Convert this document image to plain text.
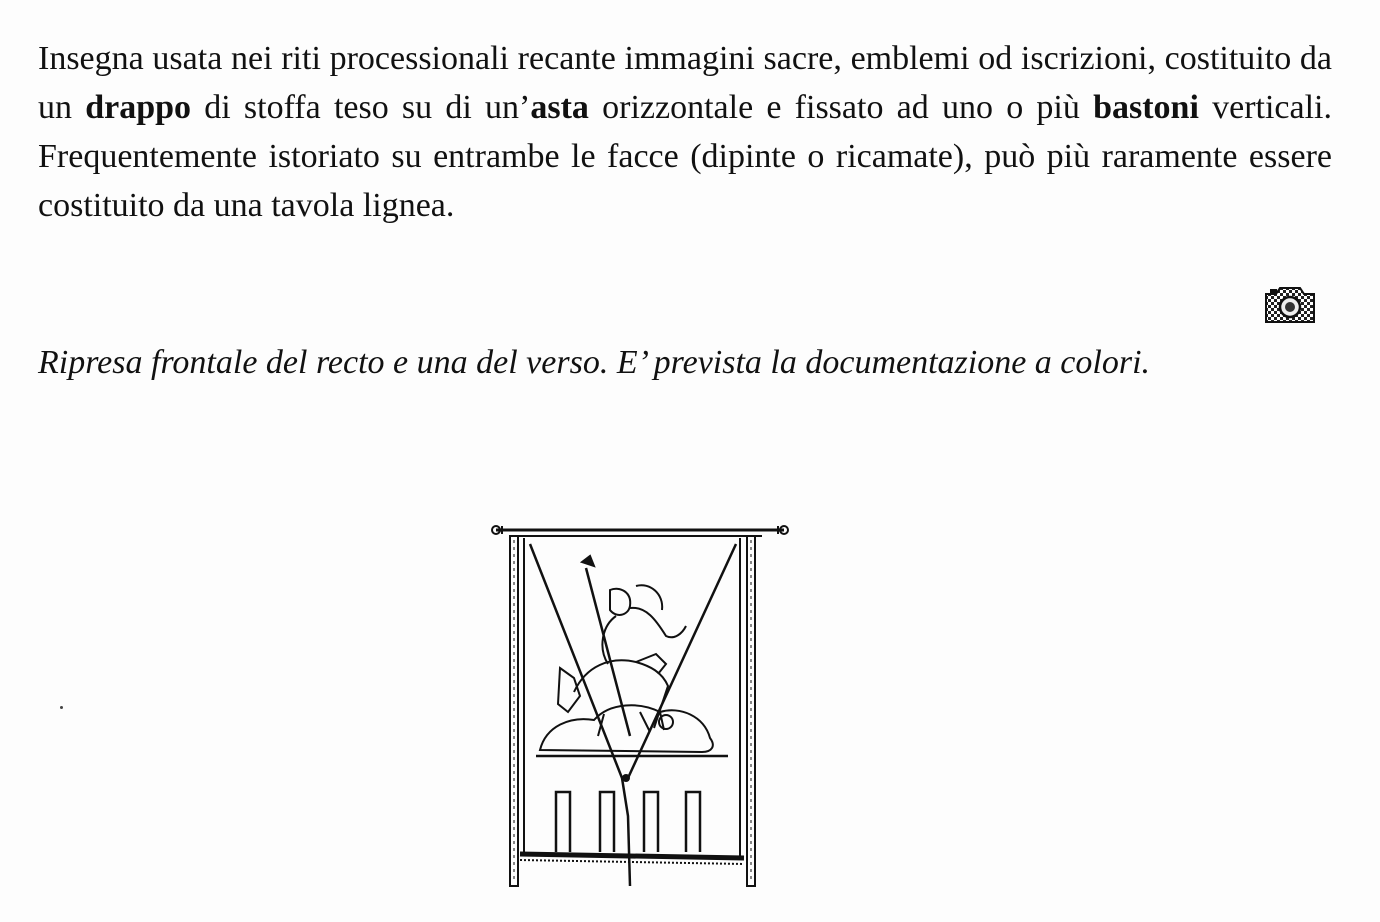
Insegna usata nei riti processionali recante immagini sacre, emblemi od iscrizioni, costituito da un drappo di stoffa teso su di un’asta orizzontale e fissato ad uno o più bastoni verticali. Frequentemente istoriato su entrambe le facce (dipinte o ricamate), può più raramente essere costituito da una tavola lignea.

Ripresa frontale del recto e una del verso. E’ prevista la documentazione a colori.
